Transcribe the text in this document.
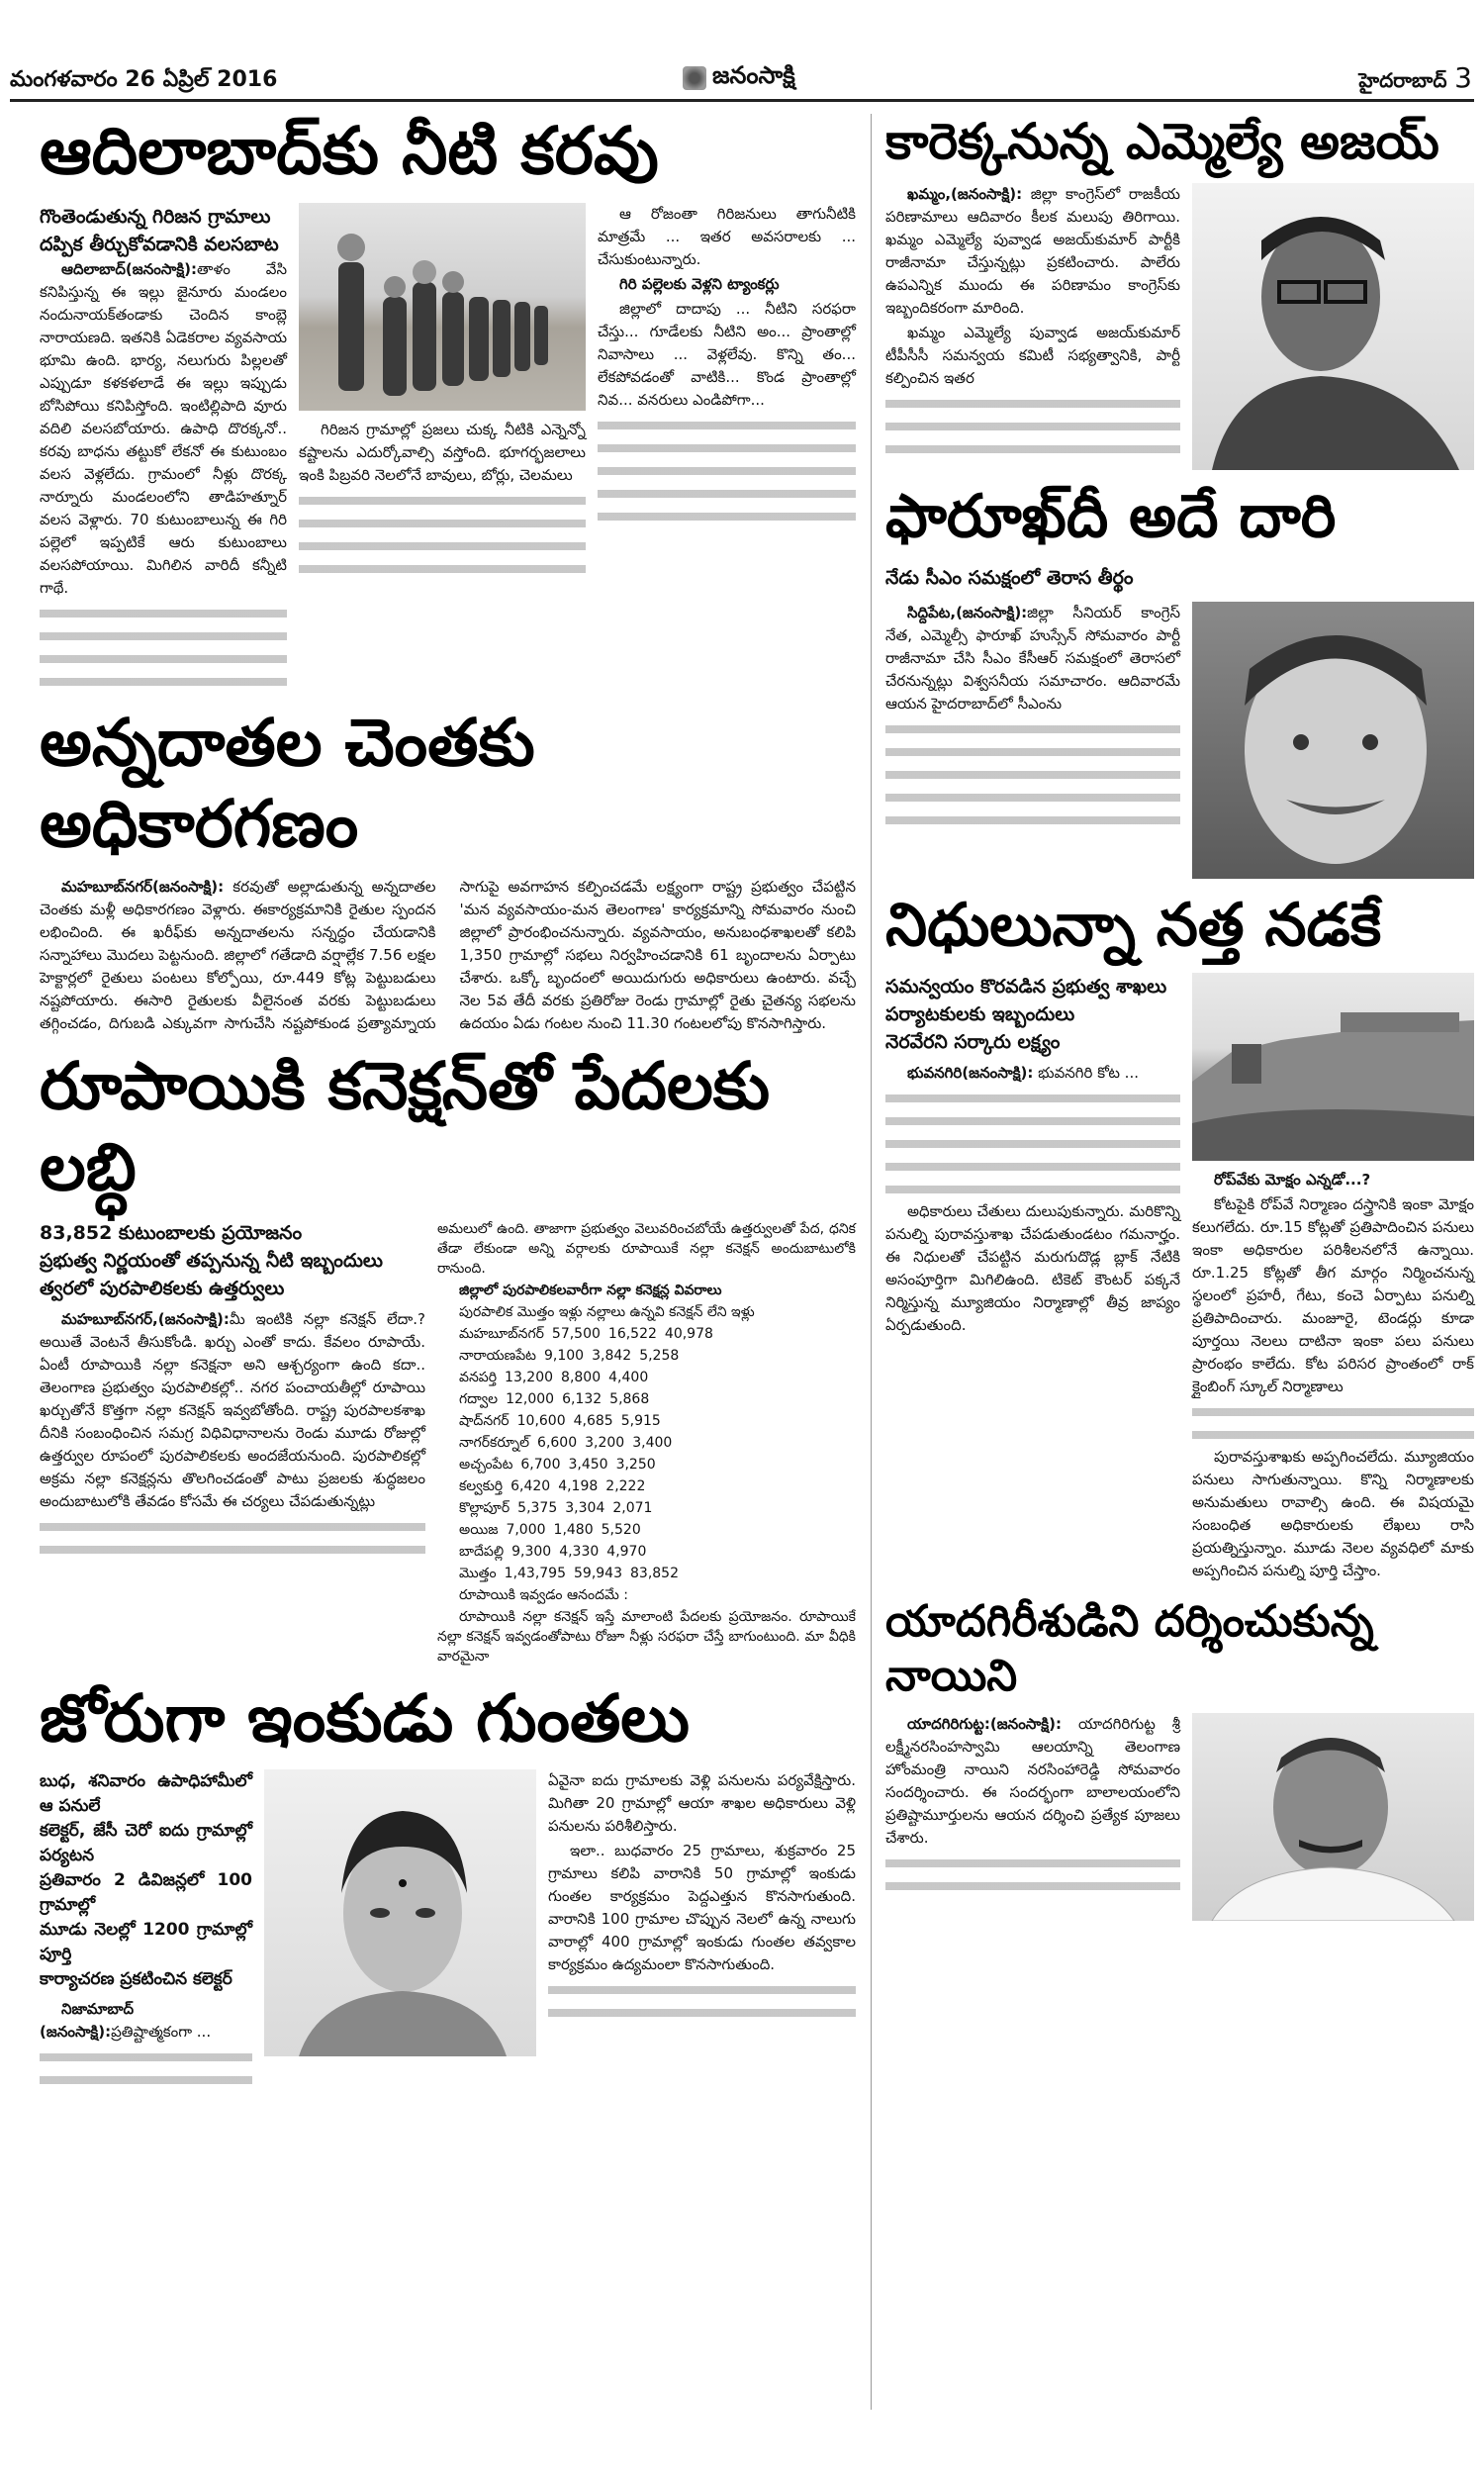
మంగళవారం 26 ఏప్రిల్ 2016	జనంసాక్షి	హైదరాబాద్ 3
ఆదిలాబాద్‌కు నీటి కరవు
గొంతెండుతున్న గిరిజన గ్రామాలు
దప్పిక తీర్చుకోవడానికి వలసబాట

ఆదిలాబాద్(జనంసాక్షి):తాళం వేసి కనిపిస్తున్న ఈ ఇల్లు జైనూరు మండలం నందునాయక్‌తండాకు చెందిన కాంబ్లె నారాయణది. ఇతనికి ఏడెకరాల వ్యవసాయ భూమి ఉంది. భార్య, నలుగురు పిల్లలతో ఎప్పుడూ కళకళలాడే ఈ ఇల్లు ఇప్పుడు బోసిపోయి కనిపిస్తోంది. ఇంటిల్లిపాది వూరు వదిలి వలసబోయారు. ఉపాధి దొరక్కనో.. కరవు బాధను తట్టుకో లేకనో ఈ కుటుంబం వలస వెళ్లలేదు. గ్రామంలో నీళ్లు దొరక్క నార్నూరు మండలంలోని తాడిహత్నూర్ వలస వెళ్లారు. 70 కుటుంబాలున్న ఈ గిరి పల్లెలో ఇప్పటికే ఆరు కుటుంబాలు వలసపోయాయి. మిగిలిన వారిదీ కన్నీటి గాథే.

గిరిజన గ్రామాల్లో ప్రజలు చుక్క నీటికి ఎన్నెన్నో కష్టాలను ఎదుర్కోవాల్సి వస్తోంది. భూగర్భజలాలు ఇంకి పిబ్రవరి నెలలోనే బావులు, బోర్లు, చెలమలు

ఆ రోజంతా గిరిజనులు తాగునీటికి మాత్రమే ... ఇతర అవసరాలకు ... చేసుకుంటున్నారు.

గిరి పల్లెలకు వెళ్లని ట్యాంకర్లు

జిల్లాలో దాదాపు ... నీటిని సరఫరా చేస్తు... గూడేలకు నీటిని అం... ప్రాంతాల్లో నివాసాలు ... వెళ్లలేవు. కొన్ని తం... లేకపోవడంతో వాటికి... కొండ ప్రాంతాల్లో నివ... వనరులు ఎండిపోగా...

అన్నదాతల చెంతకు అధికారగణం

మహబూబ్‌నగర్(జనంసాక్షి): కరవుతో అల్లాడుతున్న అన్నదాతల చెంతకు మళ్లీ అధికారగణం వెళ్లారు. ఈకార్యక్రమానికి రైతుల స్పందన లభించింది. ఈ ఖరీఫ్‌కు అన్నదాతలను సన్నద్ధం చేయడానికి సన్నాహాలు మొదలు పెట్టనుంది. జిల్లాలో గతేడాది వర్షాల్లేక 7.56 లక్షల హెక్టార్లలో రైతులు పంటలు కోల్పోయి, రూ.449 కోట్ల పెట్టుబడులు నష్టపోయారు. ఈసారి రైతులకు వీలైనంత వరకు పెట్టుబడులు తగ్గించడం, దిగుబడి ఎక్కువగా సాగుచేసి నష్టపోకుండ ప్రత్యామ్నాయ సాగుపై అవగాహన కల్పించడమే లక్ష్యంగా రాష్ట్ర ప్రభుత్వం చేపట్టిన 'మన వ్యవసాయం-మన తెలంగాణ' కార్యక్రమాన్ని సోమవారం నుంచి జిల్లాలో ప్రారంభించనున్నారు. వ్యవసాయం, అనుబంధశాఖలతో కలిపి 1,350 గ్రామాల్లో సభలు నిర్వహించడానికి 61 బృందాలను ఏర్పాటు చేశారు. ఒక్కో బృందంలో అయిదుగురు అధికారులు ఉంటారు. వచ్చే నెల 5వ తేదీ వరకు ప్రతిరోజు రెండు గ్రామాల్లో రైతు చైతన్య సభలను ఉదయం ఏడు గంటల నుంచి 11.30 గంటలలోపు కొనసాగిస్తారు.

రూపాయికి కనెక్షన్‌తో పేదలకు లబ్ధి
83,852 కుటుంబాలకు ప్రయోజనం
ప్రభుత్వ నిర్ణయంతో తప్పనున్న నీటి ఇబ్బందులు
త్వరలో పురపాలికలకు ఉత్తర్వులు

మహబూబ్‌నగర్,(జనంసాక్షి):మీ ఇంటికి నల్లా కనెక్షన్ లేదా.? అయితే వెంటనే తీసుకోండి. ఖర్చు ఎంతో కాదు. కేవలం రూపాయే. ఏంటీ రూపాయికి నల్లా కనెక్షనా అని ఆశ్చర్యంగా ఉంది కదా.. తెలంగాణ ప్రభుత్వం పురపాలికల్లో.. నగర పంచాయతీల్లో రూపాయి ఖర్చుతోనే కొత్తగా నల్లా కనెక్షన్ ఇవ్వబోతోంది. రాష్ట్ర పురపాలకశాఖ దీనికి సంబంధించిన సమగ్ర విధివిధానాలను రెండు మూడు రోజుల్లో ఉత్తర్వుల రూపంలో పురపాలికలకు అందజేయనుంది. పురపాలికల్లో అక్రమ నల్లా కనెక్షన్లను తొలగించడంతో పాటు ప్రజలకు శుద్ధజలం అందుబాటులోకి తేవడం కోసమే ఈ చర్యలు చేపడుతున్నట్లు

అమలులో ఉంది. తాజాగా ప్రభుత్వం వెలువరించబోయే ఉత్తర్వులతో పేద, ధనిక తేడా లేకుండా అన్ని వర్గాలకు రూపాయికే నల్లా కనెక్షన్ అందుబాటులోకి రానుంది.

జిల్లాలో పురపాలికలవారీగా నల్లా కనెక్షన్ల వివరాలు

పురపాలిక మొత్తం ఇళ్లు నల్లాలు ఉన్నవి కనెక్షన్ లేని ఇళ్లు

మహబూబ్‌నగర్ 57,500 16,522 40,978

నారాయణపేట 9,100 3,842 5,258

వనపర్తి 13,200 8,800 4,400

గద్వాల 12,000 6,132 5,868

షాద్‌నగర్ 10,600 4,685 5,915

నాగర్‌కర్నూల్ 6,600 3,200 3,400

అచ్చంపేట 6,700 3,450 3,250

కల్వకుర్తి 6,420 4,198 2,222

కొల్లాపూర్ 5,375 3,304 2,071

అయిజ 7,000 1,480 5,520

బాదేపల్లి 9,300 4,330 4,970

మొత్తం 1,43,795 59,943 83,852

రూపాయికి ఇవ్వడం ఆనందమే :

రూపాయికి నల్లా కనెక్షన్ ఇస్తే మాలాంటి పేదలకు ప్రయోజనం. రూపాయికే నల్లా కనెక్షన్ ఇవ్వడంతోపాటు రోజూ నీళ్లు సరఫరా చేస్తే బాగుంటుంది. మా వీధికి వారమైనా

జోరుగా ఇంకుడు గుంతలు
బుధ, శనివారం ఉపాధిహామీలో ఆ పనులే
కలెక్టర్, జేసీ చెరో ఐదు గ్రామాల్లో పర్యటన
ప్రతివారం 2 డివిజన్లలో 100 గ్రామాల్లో
మూడు నెలల్లో 1200 గ్రామాల్లో పూర్తి
కార్యాచరణ ప్రకటించిన కలెక్టర్

నిజామాబాద్ (జనంసాక్షి):ప్రతిష్టాత్మకంగా ...

ఏవైనా ఐదు గ్రామాలకు వెళ్లి పనులను పర్యవేక్షిస్తారు. మిగితా 20 గ్రామాల్లో ఆయా శాఖల అధికారులు వెళ్లి పనులను పరిశీలిస్తారు.

ఇలా.. బుధవారం 25 గ్రామాలు, శుక్రవారం 25 గ్రామాలు కలిపి వారానికి 50 గ్రామాల్లో ఇంకుడు గుంతల కార్యక్రమం పెద్దఎత్తున కొనసాగుతుంది. వారానికి 100 గ్రామాల చొప్పున నెలలో ఉన్న నాలుగు వారాల్లో 400 గ్రామాల్లో ఇంకుడు గుంతల తవ్వకాల కార్యక్రమం ఉద్యమంలా కొనసాగుతుంది.

కారెక్కనున్న ఎమ్మెల్యే అజయ్

ఖమ్మం,(జనంసాక్షి): జిల్లా కాంగ్రెస్‌లో రాజకీయ పరిణామాలు ఆదివారం కీలక మలుపు తిరిగాయి. ఖమ్మం ఎమ్మెల్యే పువ్వాడ అజయ్‌కుమార్ పార్టీకి రాజీనామా చేస్తున్నట్లు ప్రకటించారు. పాలేరు ఉపఎన్నిక ముందు ఈ పరిణామం కాంగ్రెస్‌కు ఇబ్బందికరంగా మారింది.

ఖమ్మం ఎమ్మెల్యే పువ్వాడ అజయ్‌కుమార్ టీపీసీసీ సమన్వయ కమిటీ సభ్యత్వానికి, పార్టీ కల్పించిన ఇతర

ఫారూఖ్‌దీ అదే దారి
నేడు సీఎం సమక్షంలో తెరాస తీర్థం

సిద్దిపేట,(జనంసాక్షి):జిల్లా సీనియర్ కాంగ్రెస్ నేత, ఎమ్మెల్సీ ఫారూఖ్ హుస్సేన్ సోమవారం పార్టీ రాజీనామా చేసి సీఎం కేసీఆర్ సమక్షంలో తెరాసలో చేరనున్నట్లు విశ్వసనీయ సమాచారం. ఆదివారమే ఆయన హైదరాబాద్‌లో సీఎంను

నిధులున్నా నత్త నడకే
సమన్వయం కొరవడిన ప్రభుత్వ శాఖలు
పర్యాటకులకు ఇబ్బందులు
నెరవేరని సర్కారు లక్ష్యం

భువనగిరి(జనంసాక్షి): భువనగిరి కోట ...

అధికారులు చేతులు దులుపుకున్నారు. మరికొన్ని పనుల్ని పురావస్తుశాఖ చేపడుతుండటం గమనార్హం. ఈ నిధులతో చేపట్టిన మరుగుదొడ్ల బ్లాక్ నేటికి అసంపూర్తిగా మిగిలిఉంది. టికెట్ కౌంటర్ పక్కనే నిర్మిస్తున్న మ్యూజియం నిర్మాణాల్లో తీవ్ర జాప్యం ఏర్పడుతుంది.

రోప్‌వేకు మోక్షం ఎన్నడో...?

కోటపైకి రోప్‌వే నిర్మాణం దస్త్రానికి ఇంకా మోక్షం కలుగలేదు. రూ.15 కోట్లతో ప్రతిపాదించిన పనులు ఇంకా అధికారుల పరిశీలనలోనే ఉన్నాయి. రూ.1.25 కోట్లతో తీగ మార్గం నిర్మించనున్న స్థలంలో ప్రహరీ, గేటు, కంచె ఏర్పాటు పనుల్ని ప్రతిపాదించారు. మంజూరై, టెండర్లు కూడా పూర్తయి నెలలు దాటినా ఇంకా పలు పనులు ప్రారంభం కాలేదు. కోట పరిసర ప్రాంతంలో రాక్ క్లైంబింగ్ స్కూల్ నిర్మాణాలు

పురావస్తుశాఖకు అప్పగించలేదు. మ్యూజియం పనులు సాగుతున్నాయి. కొన్ని నిర్మాణాలకు అనుమతులు రావాల్సి ఉంది. ఈ విషయమై సంబంధిత అధికారులకు లేఖలు రాసి ప్రయత్నిస్తున్నాం. మూడు నెలల వ్యవధిలో మాకు అప్పగించిన పనుల్ని పూర్తి చేస్తాం.

యాదగిరీశుడిని దర్శించుకున్న నాయిని

యాదగిరిగుట్ట:(జనంసాక్షి): యాదగిరిగుట్ట శ్రీ లక్ష్మీనరసింహస్వామి ఆలయాన్ని తెలంగాణ హోంమంత్రి నాయిని నరసింహారెడ్డి సోమవారం సందర్శించారు. ఈ సందర్భంగా బాలాలయంలోని ప్రతిష్టామూర్తులను ఆయన దర్శించి ప్రత్యేక పూజలు చేశారు.
